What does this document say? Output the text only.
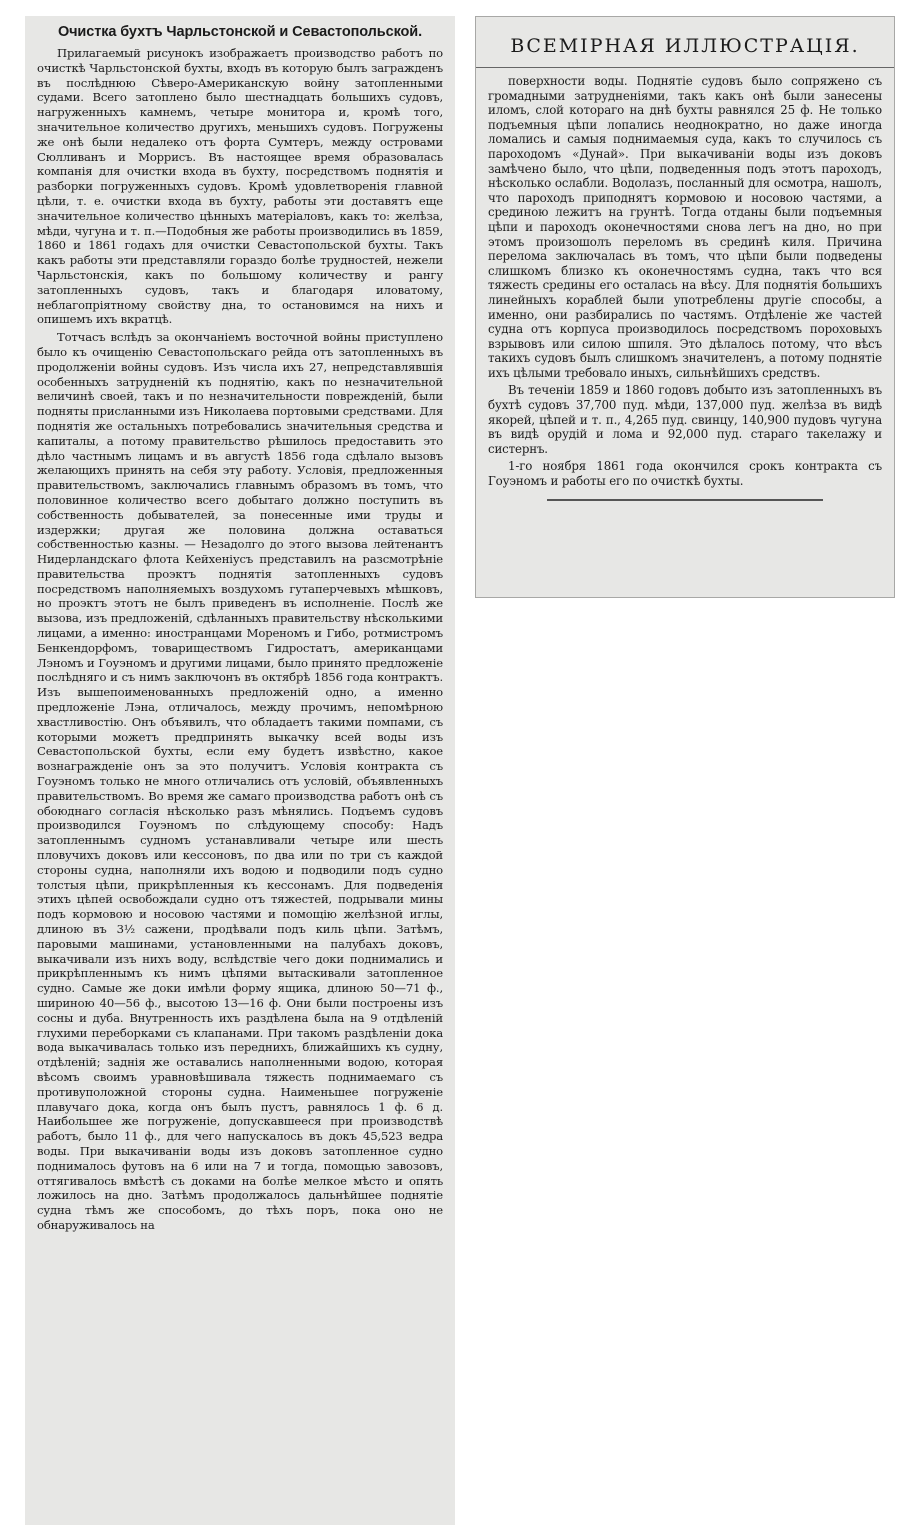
Очистка бухтъ Чарльстонской и Севастопольской.

Прилагаемый рисунокъ изображаетъ производство работъ по очисткѣ Чарльстонской бухты, входъ въ которую былъ загражденъ въ послѣднюю Сѣверо-Американскую войну затопленными судами. Всего затоплено было шестнадцать большихъ судовъ, нагруженныхъ камнемъ, четыре монитора и, кромѣ того, значительное количество другихъ, меньшихъ судовъ. Погружены же онѣ были недалеко отъ форта Сумтеръ, между островами Сюлливанъ и Моррисъ. Въ настоящее время образовалась компанія для очистки входа въ бухту, посредствомъ поднятія и разборки погруженныхъ судовъ. Кромѣ удовлетворенія главной цѣли, т. е. очистки входа въ бухту, работы эти доставятъ еще значительное количество цѣнныхъ матеріаловъ, какъ то: желѣза, мѣди, чугуна и т. п.—Подобныя же работы производились въ 1859, 1860 и 1861 годахъ для очистки Севастопольской бухты. Такъ какъ работы эти представляли гораздо болѣе трудностей, нежели Чарльстонскія, какъ по большому количеству и рангу затопленныхъ судовъ, такъ и благодаря иловатому, неблагопріятному свойству дна, то остановимся на нихъ и опишемъ ихъ вкратцѣ.

Тотчасъ вслѣдъ за окончаніемъ восточной войны приступлено было къ очищенію Севастопольскаго рейда отъ затопленныхъ въ продолженіи войны судовъ. Изъ числа ихъ 27, непредставлявшія особенныхъ затрудненій къ поднятію, какъ по незначительной величинѣ своей, такъ и по незначительности поврежденій, были подняты присланными изъ Николаева портовыми средствами. Для поднятія же остальныхъ потребовались значительныя средства и капиталы, а потому правительство рѣшилось предоставить это дѣло частнымъ лицамъ и въ августѣ 1856 года сдѣлало вызовъ желающихъ принять на себя эту работу. Условія, предложенныя правительствомъ, заключались главнымъ образомъ въ томъ, что половинное количество всего добытаго должно поступить въ собственность добывателей, за понесенные ими труды и издержки; другая же половина должна оставаться собственностью казны. — Незадолго до этого вызова лейтенантъ Нидерландскаго флота Кейхеніусъ представилъ на разсмотрѣніе правительства проэктъ поднятія затопленныхъ судовъ посредствомъ наполняемыхъ воздухомъ гутаперчевыхъ мѣшковъ, но проэктъ этотъ не былъ приведенъ въ исполненіе. Послѣ же вызова, изъ предложеній, сдѣланныхъ правительству нѣсколькими лицами, а именно: иностранцами Мореномъ и Гибо, ротмистромъ Бенкендорфомъ, товариществомъ Гидростатъ, американцами Лэномъ и Гоуэномъ и другими лицами, было принято предложеніе послѣдняго и съ нимъ заключонъ въ октябрѣ 1856 года контрактъ. Изъ вышепоименованныхъ предложеній одно, а именно предложеніе Лэна, отличалось, между прочимъ, непомѣрною хвастливостію. Онъ объявилъ, что обладаетъ такими помпами, съ которыми можетъ предпринять выкачку всей воды изъ Севастопольской бухты, если ему будетъ извѣстно, какое вознагражденіе онъ за это получитъ. Условія контракта съ Гоуэномъ только не много отличались отъ условій, объявленныхъ правительствомъ. Во время же самаго производства работъ онѣ съ обоюднаго согласія нѣсколько разъ мѣнялись. Подъемъ судовъ производился Гоуэномъ по слѣдующему способу: Надъ затопленнымъ судномъ устанавливали четыре или шесть пловучихъ доковъ или кессоновъ, по два или по три съ каждой стороны судна, наполняли ихъ водою и подводили подъ судно толстыя цѣпи, прикрѣпленныя къ кессонамъ. Для подведенія этихъ цѣпей освобождали судно отъ тяжестей, подрывали мины подъ кормовою и носовою частями и помощію желѣзной иглы, длиною въ 3½ сажени, продѣвали подъ киль цѣпи. Затѣмъ, паровыми машинами, установленными на палубахъ доковъ, выкачивали изъ нихъ воду, вслѣдствіе чего доки поднимались и прикрѣпленнымъ къ нимъ цѣпями вытаскивали затопленное судно. Самые же доки имѣли форму ящика, длиною 50—71 ф., шириною 40—56 ф., высотою 13—16 ф. Они были построены изъ сосны и дуба. Внутренность ихъ раздѣлена была на 9 отдѣленій глухими переборками съ клапанами. При такомъ раздѣленіи дока вода выкачивалась только изъ переднихъ, ближайшихъ къ судну, отдѣленій; заднія же оставались наполненными водою, которая вѣсомъ своимъ уравновѣшивала тяжесть поднимаемаго съ противуположной стороны судна. Наименьшее погруженіе плавучаго дока, когда онъ былъ пустъ, равнялось 1 ф. 6 д. Наибольшее же погруженіе, допускавшееся при производствѣ работъ, было 11 ф., для чего напускалось въ докъ 45,523 ведра воды. При выкачиваніи воды изъ доковъ затопленное судно поднималось футовъ на 6 или на 7 и тогда, помощью завозовъ, оттягивалось вмѣстѣ съ доками на болѣе мелкое мѣсто и опять ложилось на дно. Затѣмъ продолжалось дальнѣйшее поднятіе судна тѣмъ же способомъ, до тѣхъ поръ, пока оно не обнаруживалось на

ВСЕМІРНАЯ ИЛЛЮСТРАЦІЯ.

поверхности воды. Поднятіе судовъ было сопряжено съ громадными затрудненіями, такъ какъ онѣ были занесены иломъ, слой котораго на днѣ бухты равнялся 25 ф. Не только подъемныя цѣпи лопались неоднократно, но даже иногда ломались и самыя поднимаемыя суда, какъ то случилось съ пароходомъ «Дунай». При выкачиваніи воды изъ доковъ замѣчено было, что цѣпи, подведенныя подъ этотъ пароходъ, нѣсколько ослабли. Водолазъ, посланный для осмотра, нашолъ, что пароходъ приподнятъ кормовою и носовою частями, а срединою лежитъ на грунтѣ. Тогда отданы были подъемныя цѣпи и пароходъ оконечностями снова легъ на дно, но при этомъ произошолъ переломъ въ срединѣ киля. Причина перелома заключалась въ томъ, что цѣпи были подведены слишкомъ близко къ оконечностямъ судна, такъ что вся тяжесть средины его осталась на вѣсу. Для поднятія большихъ линейныхъ кораблей были употреблены другіе способы, а именно, они разбирались по частямъ. Отдѣленіе же частей судна отъ корпуса производилось посредствомъ пороховыхъ взрывовъ или силою шпиля. Это дѣлалось потому, что вѣсъ такихъ судовъ былъ слишкомъ значителенъ, а потому поднятіе ихъ цѣлыми требовало иныхъ, сильнѣйшихъ средствъ.

Въ теченіи 1859 и 1860 годовъ добыто изъ затопленныхъ въ бухтѣ судовъ 37,700 пуд. мѣди, 137,000 пуд. желѣза въ видѣ якорей, цѣпей и т. п., 4,265 пуд. свинцу, 140,900 пудовъ чугуна въ видѣ орудій и лома и 92,000 пуд. стараго такелажу и систернъ.

1-го ноября 1861 года окончился срокъ контракта съ Гоуэномъ и работы его по очисткѣ бухты.
